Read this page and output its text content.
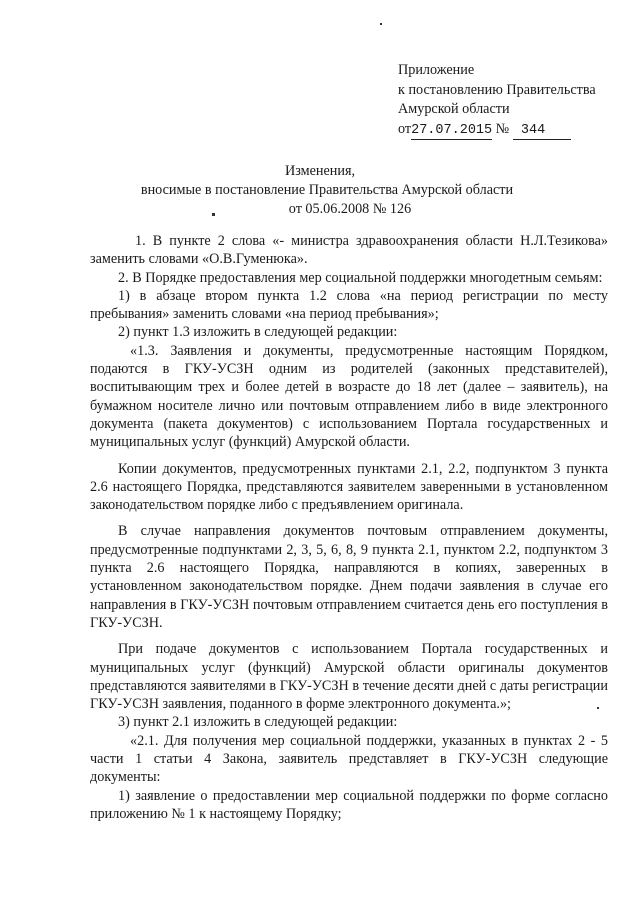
Приложение
к постановлению Правительства
Амурской области
от27.07.2015 № 344
Изменения,
вносимые в постановление Правительства Амурской области
от 05.06.2008 № 126

1. В пункте 2 слова «- министра здравоохранения области Н.Л.Тезикова» заменить словами «О.В.Гуменюка».

2. В Порядке предоставления мер социальной поддержки многодетным семьям:

1) в абзаце втором пункта 1.2 слова «на период регистрации по месту пребывания» заменить словами «на период пребывания»;

2) пункт 1.3 изложить в следующей редакции:

«1.3. Заявления и документы, предусмотренные настоящим Порядком, подаются в ГКУ-УСЗН одним из родителей (законных представителей), воспитывающим трех и более детей в возрасте до 18 лет (далее – заявитель), на бумажном носителе лично или почтовым отправлением либо в виде электронного документа (пакета документов) с использованием Портала государственных и муниципальных услуг (функций) Амурской области.

Копии документов, предусмотренных пунктами 2.1, 2.2, подпунктом 3 пункта 2.6 настоящего Порядка, представляются заявителем заверенными в установленном законодательством порядке либо с предъявлением оригинала.

В случае направления документов почтовым отправлением документы, предусмотренные подпунктами 2, 3, 5, 6, 8, 9 пункта 2.1, пунктом 2.2, подпунктом 3 пункта 2.6 настоящего Порядка, направляются в копиях, заверенных в установленном законодательством порядке. Днем подачи заявления в случае его направления в ГКУ-УСЗН почтовым отправлением считается день его поступления в ГКУ-УСЗН.

При подаче документов с использованием Портала государственных и муниципальных услуг (функций) Амурской области оригиналы документов представляются заявителями в ГКУ-УСЗН в течение десяти дней с даты регистрации ГКУ-УСЗН заявления, поданного в форме электронного документа.»;

3) пункт 2.1 изложить в следующей редакции:

«2.1. Для получения мер социальной поддержки, указанных в пунктах 2 - 5 части 1 статьи 4 Закона, заявитель представляет в ГКУ-УСЗН следующие документы:

1) заявление о предоставлении мер социальной поддержки по форме согласно приложению № 1 к настоящему Порядку;
